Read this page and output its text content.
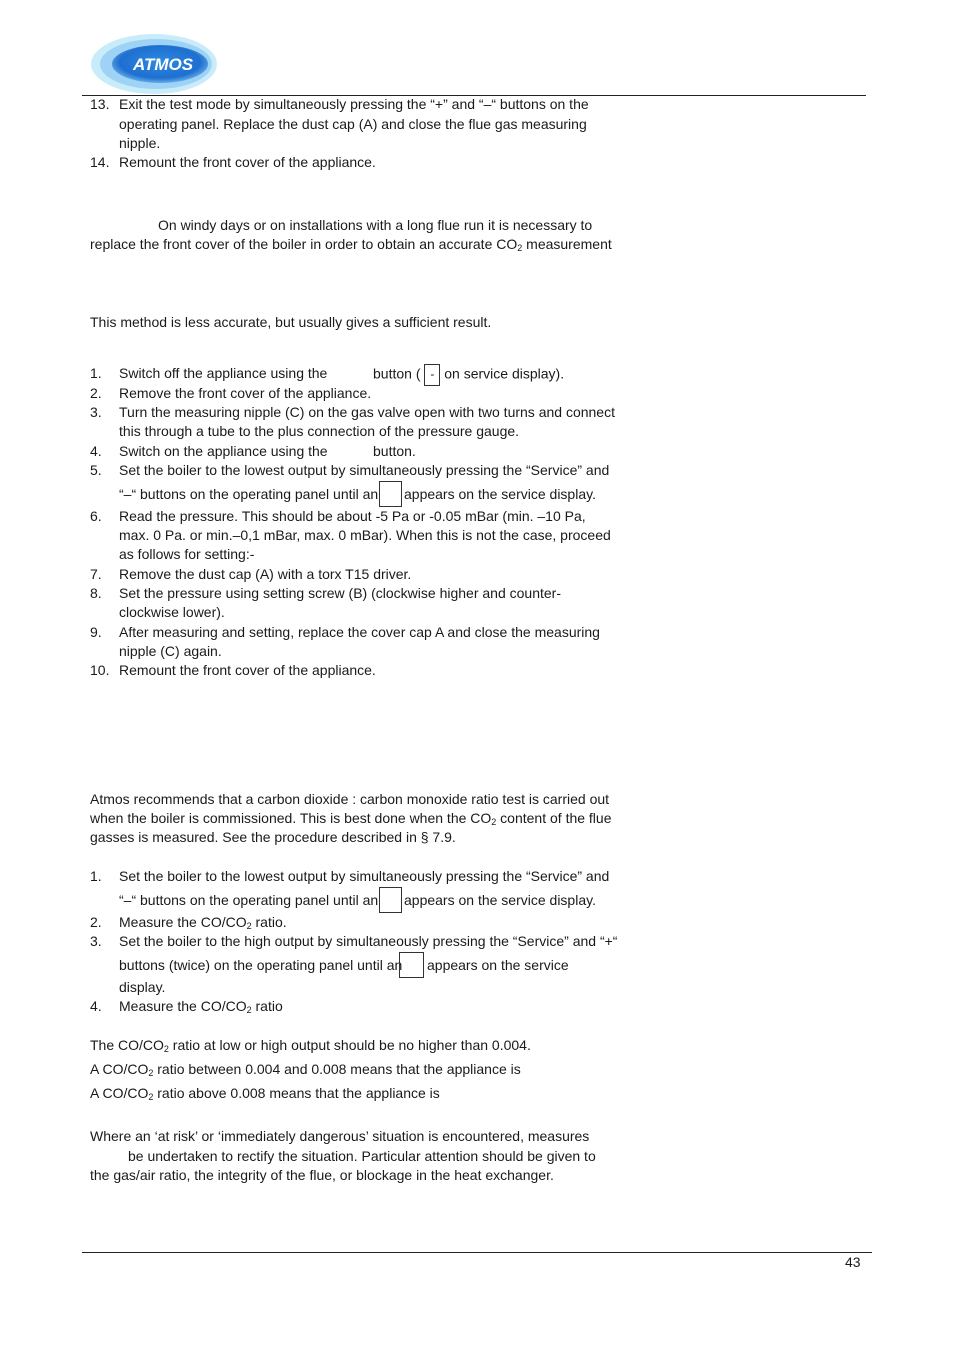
ATMOS
13. Exit the test mode by simultaneously pressing the “+” and “–“ buttons on the
operating panel. Replace the dust cap (A) and close the flue gas measuring
nipple.
14. Remount the front cover of the appliance.
On windy days or on installations with a long flue run it is necessary to
replace the front cover of the boiler in order to obtain an accurate $CO_2$ measurement
This method is less accurate, but usually gives a sufficient result.
1. Switch off the appliance using the	button ( - on service display).
2. Remove the front cover of the appliance.
3. Turn the measuring nipple (C) on the gas valve open with two turns and connect
this through a tube to the plus connection of the pressure gauge.
4. Switch on the appliance using the	button.
5. Set the boiler to the lowest output by simultaneously pressing the “Service” and
“–“ buttons on the operating panel until an appears on the service display.
6. Read the pressure. This should be about -5 Pa or -0.05 mBar (min. –10 Pa,
max. 0 Pa. or min.–0,1 mBar, max. 0 mBar). When this is not the case, proceed
as follows for setting:-
7. Remove the dust cap (A) with a torx T15 driver.
8. Set the pressure using setting screw (B) (clockwise higher and counter-
clockwise lower).
9. After measuring and setting, replace the cover cap A and close the measuring
nipple (C) again.
10. Remount the front cover of the appliance.
Atmos recommends that a carbon dioxide : carbon monoxide ratio test is carried out
when the boiler is commissioned. This is best done when the $CO_2$ content of the flue
gasses is measured. See the procedure described in § 7.9.
1. Set the boiler to the lowest output by simultaneously pressing the “Service” and
“–“ buttons on the operating panel until an appears on the service display.
2. Measure the $CO/CO_2$ ratio.
3. Set the boiler to the high output by simultaneously pressing the “Service” and “+“
buttons (twice) on the operating panel until an appears on the service
display.
4. Measure the $CO/CO_2$ ratio
The $CO/CO_2$ ratio at low or high output should be no higher than 0.004.
A $CO/CO_2$ ratio between 0.004 and 0.008 means that the appliance is
A $CO/CO_2$ ratio above 0.008 means that the appliance is
Where an ‘at risk’ or ‘immediately dangerous’ situation is encountered, measures
be undertaken to rectify the situation. Particular attention should be given to
the gas/air ratio, the integrity of the flue, or blockage in the heat exchanger.
43
